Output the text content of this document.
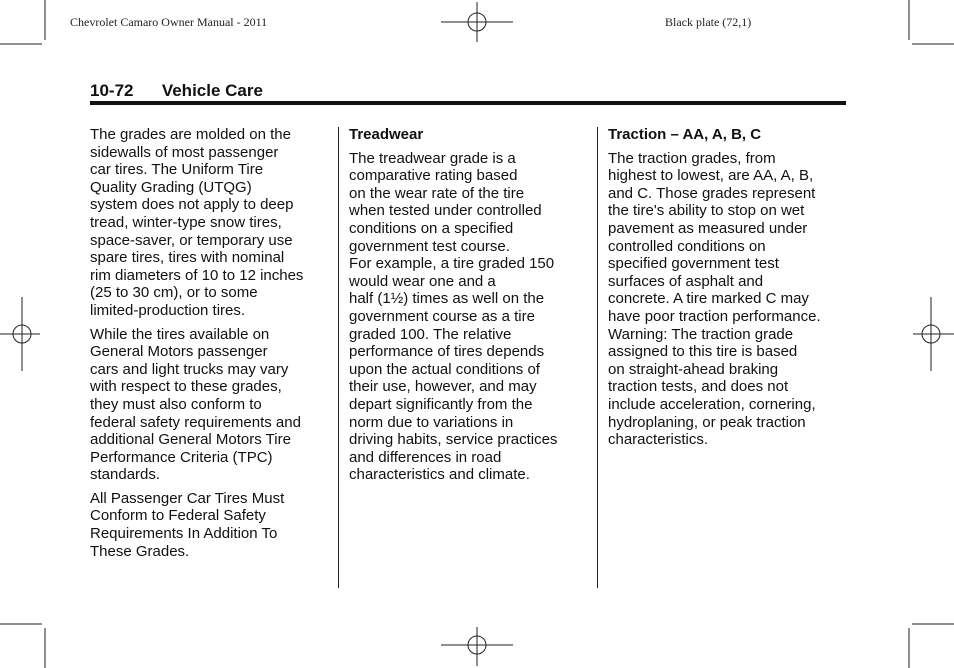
Chevrolet Camaro Owner Manual - 2011	Black plate (72,1)
10-72 Vehicle Care

The grades are molded on the
sidewalls of most passenger
car tires. The Uniform Tire
Quality Grading (UTQG)
system does not apply to deep
tread, winter-type snow tires,
space-saver, or temporary use
spare tires, tires with nominal
rim diameters of 10 to 12 inches
(25 to 30 cm), or to some
limited-production tires.

While the tires available on
General Motors passenger
cars and light trucks may vary
with respect to these grades,
they must also conform to
federal safety requirements and
additional General Motors Tire
Performance Criteria (TPC)
standards.

All Passenger Car Tires Must
Conform to Federal Safety
Requirements In Addition To
These Grades.

Treadwear

The treadwear grade is a
comparative rating based
on the wear rate of the tire
when tested under controlled
conditions on a specified
government test course.
For example, a tire graded 150
would wear one and a
half (1½) times as well on the
government course as a tire
graded 100. The relative
performance of tires depends
upon the actual conditions of
their use, however, and may
depart significantly from the
norm due to variations in
driving habits, service practices
and differences in road
characteristics and climate.

Traction – AA, A, B, C

The traction grades, from
highest to lowest, are AA, A, B,
and C. Those grades represent
the tire's ability to stop on wet
pavement as measured under
controlled conditions on
specified government test
surfaces of asphalt and
concrete. A tire marked C may
have poor traction performance.
Warning: The traction grade
assigned to this tire is based
on straight-ahead braking
traction tests, and does not
include acceleration, cornering,
hydroplaning, or peak traction
characteristics.
